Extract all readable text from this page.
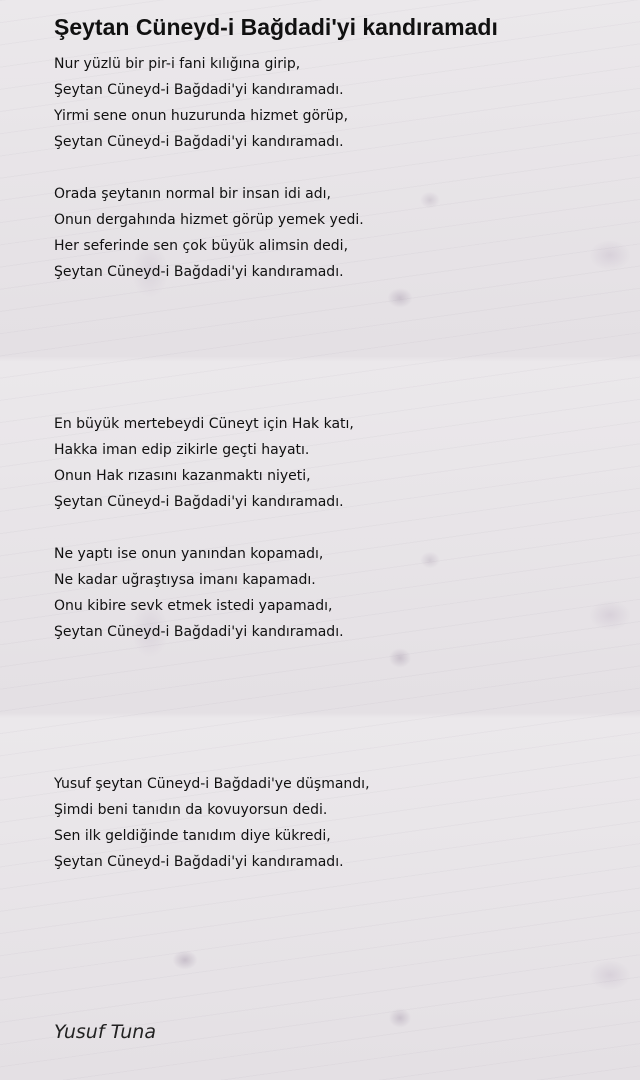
Şeytan Cüneyd-i Bağdadi'yi kandıramadı
Nur yüzlü bir pir-i fani kılığına girip,
Şeytan Cüneyd-i Bağdadi'yi kandıramadı.
Yirmi sene onun huzurunda hizmet görüp,
Şeytan Cüneyd-i Bağdadi'yi kandıramadı.
Orada şeytanın normal bir insan idi adı,
Onun dergahında hizmet görüp yemek yedi.
Her seferinde sen çok büyük alimsin dedi,
Şeytan Cüneyd-i Bağdadi'yi kandıramadı.
En büyük mertebeydi Cüneyt için Hak katı,
Hakka iman edip zikirle geçti hayatı.
Onun Hak rızasını kazanmaktı niyeti,
Şeytan Cüneyd-i Bağdadi'yi kandıramadı.
Ne yaptı ise onun yanından kopamadı,
Ne kadar uğraştıysa imanı kapamadı.
Onu kibire sevk etmek istedi yapamadı,
Şeytan Cüneyd-i Bağdadi'yi kandıramadı.
Yusuf şeytan Cüneyd-i Bağdadi'ye düşmandı,
Şimdi beni tanıdın da kovuyorsun dedi.
Sen ilk geldiğinde tanıdım diye kükredi,
Şeytan Cüneyd-i Bağdadi'yi kandıramadı.

Yusuf Tuna
